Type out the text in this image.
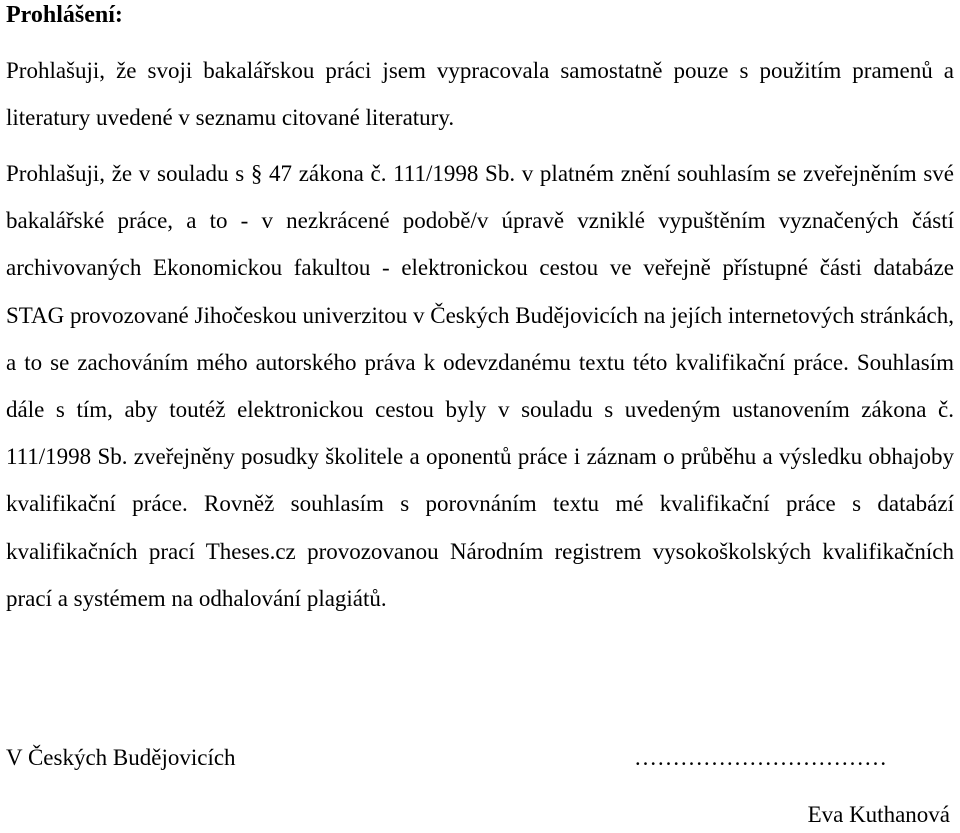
Prohlášení:

Prohlašuji, že svoji bakalářskou práci jsem vypracovala samostatně pouze s použitím pramenů a literatury uvedené v seznamu citované literatury.

Prohlašuji, že v souladu s § 47 zákona č. 111/1998 Sb. v platném znění souhlasím se zveřejněním své bakalářské práce, a to - v nezkrácené podobě/v úpravě vzniklé vypuštěním vyznačených částí archivovaných Ekonomickou fakultou - elektronickou cestou ve veřejně přístupné části databáze STAG provozované Jihočeskou univerzitou v Českých Budějovicích na jejích internetových stránkách, a to se zachováním mého autorského práva k odevzdanému textu této kvalifikační práce. Souhlasím dále s tím, aby toutéž elektronickou cestou byly v souladu s uvedeným ustanovením zákona č. 111/1998 Sb. zveřejněny posudky školitele a oponentů práce i záznam o průběhu a výsledku obhajoby kvalifikační práce. Rovněž souhlasím s porovnáním textu mé kvalifikační práce s databází kvalifikačních prací Theses.cz provozovanou Národním registrem vysokoškolských kvalifikačních prací a systémem na odhalování plagiátů.

V Českých Budějovicích	……………………………
Eva Kuthanová
